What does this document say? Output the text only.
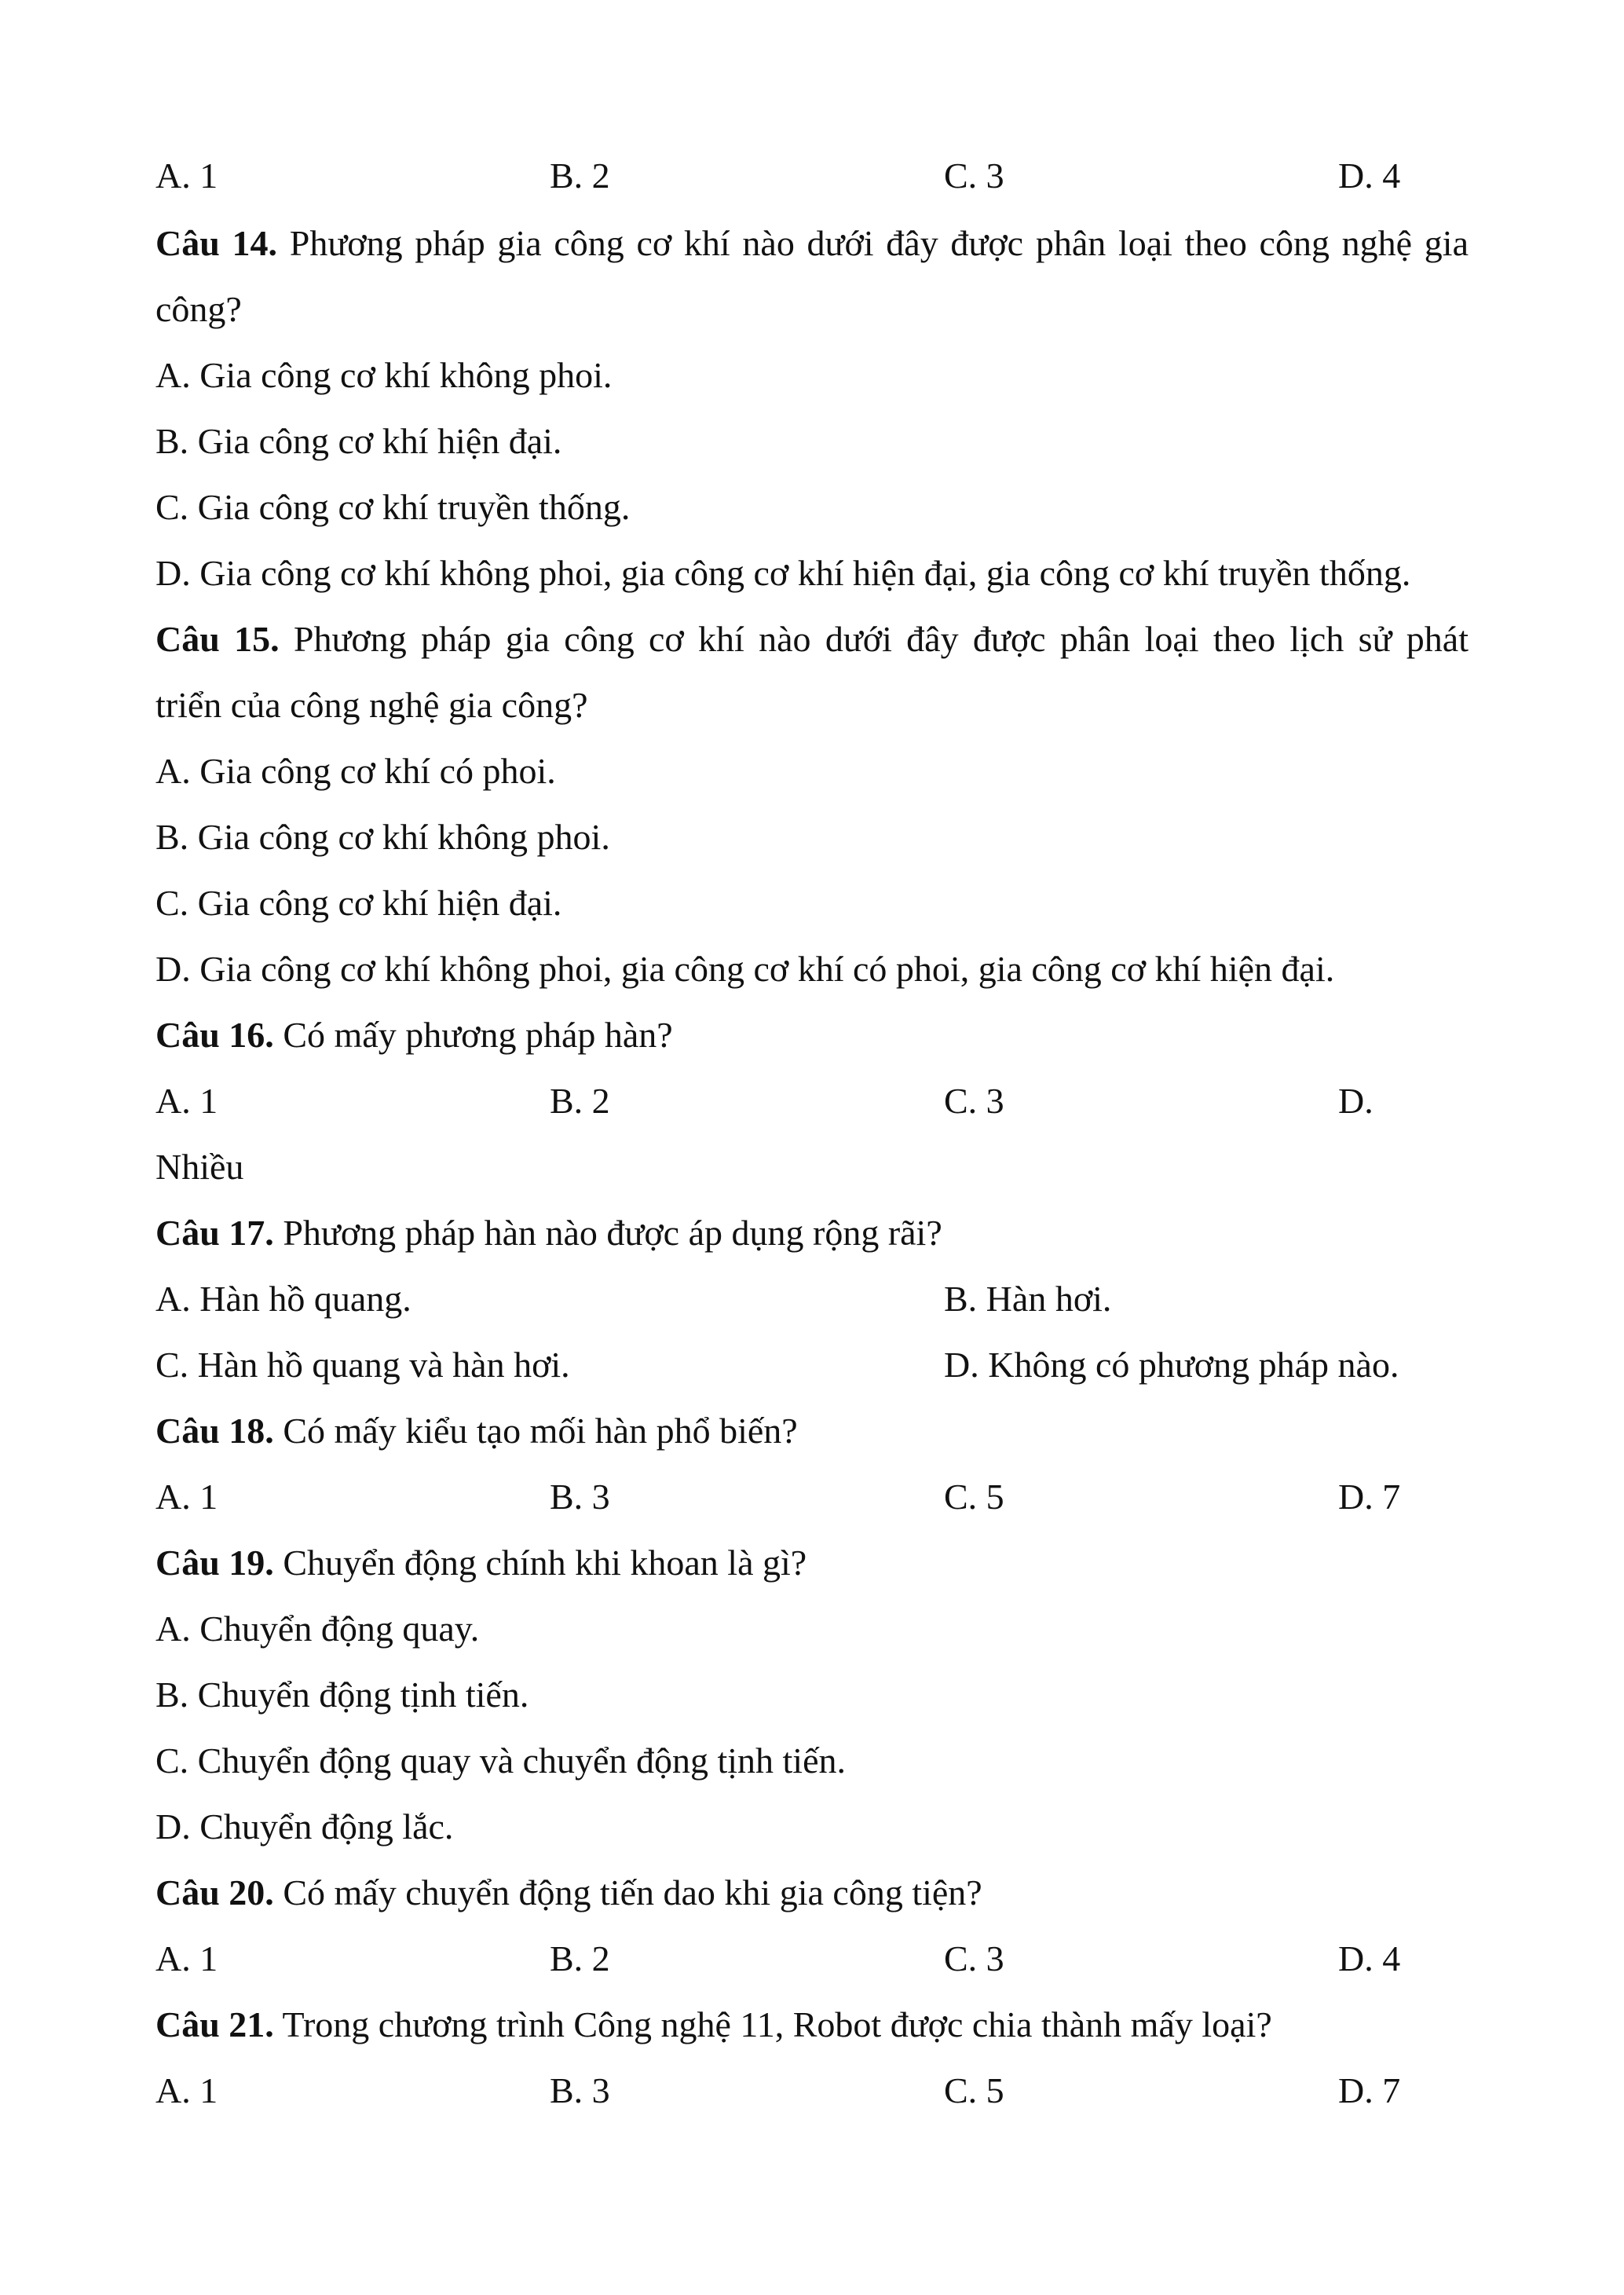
A. 1	B. 2	C. 3	D. 4
Câu 14. Phương pháp gia công cơ khí nào dưới đây được phân loại theo công nghệ gia
công?
A. Gia công cơ khí không phoi.
B. Gia công cơ khí hiện đại.
C. Gia công cơ khí truyền thống.
D. Gia công cơ khí không phoi, gia công cơ khí hiện đại, gia công cơ khí truyền thống.
Câu 15. Phương pháp gia công cơ khí nào dưới đây được phân loại theo lịch sử phát
triển của công nghệ gia công?
A. Gia công cơ khí có phoi.
B. Gia công cơ khí không phoi.
C. Gia công cơ khí hiện đại.
D. Gia công cơ khí không phoi, gia công cơ khí có phoi, gia công cơ khí hiện đại.
Câu 16. Có mấy phương pháp hàn?
A. 1	B. 2	C. 3	D.
Nhiều
Câu 17. Phương pháp hàn nào được áp dụng rộng rãi?
A. Hàn hồ quang.	B. Hàn hơi.
C. Hàn hồ quang và hàn hơi.	D. Không có phương pháp nào.
Câu 18. Có mấy kiểu tạo mối hàn phổ biến?
A. 1	B. 3	C. 5	D. 7
Câu 19. Chuyển động chính khi khoan là gì?
A. Chuyển động quay.
B. Chuyển động tịnh tiến.
C. Chuyển động quay và chuyển động tịnh tiến.
D. Chuyển động lắc.
Câu 20. Có mấy chuyển động tiến dao khi gia công tiện?
A. 1	B. 2	C. 3	D. 4
Câu 21. Trong chương trình Công nghệ 11, Robot được chia thành mấy loại?
A. 1	B. 3	C. 5	D. 7
